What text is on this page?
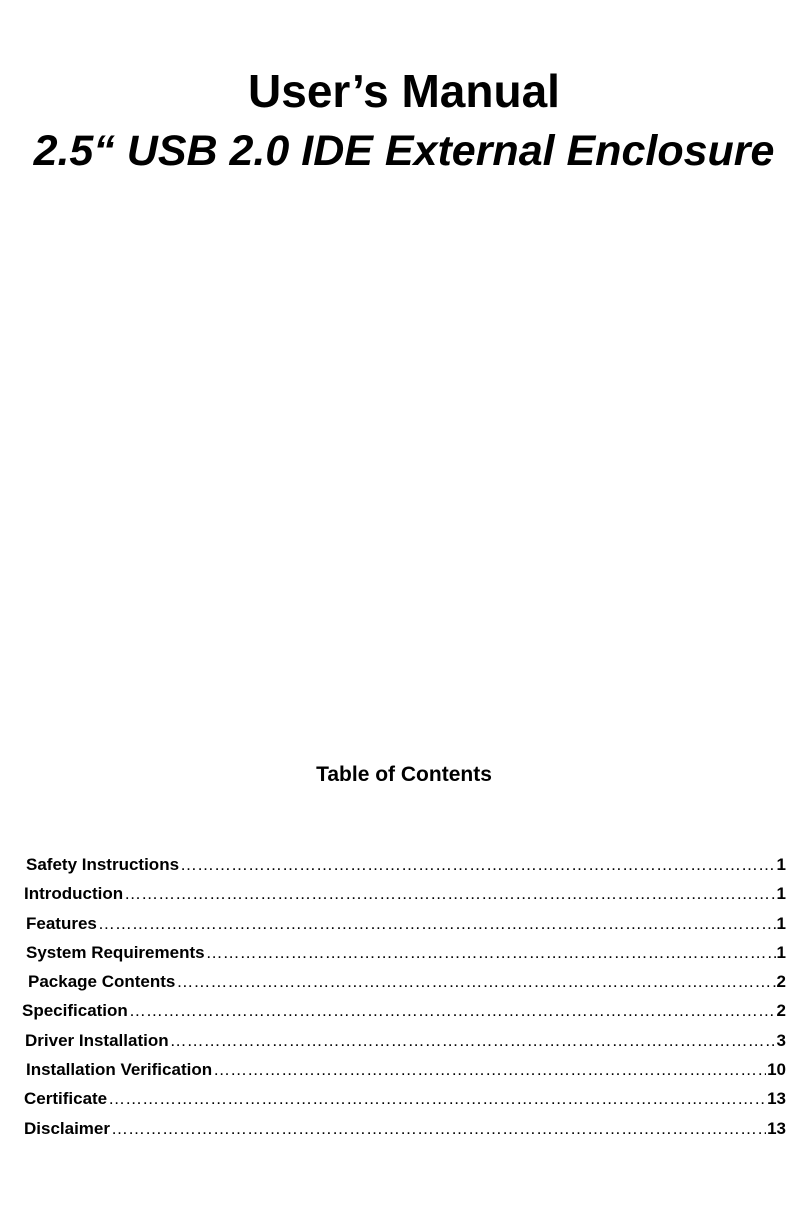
User’s Manual
2.5“ USB 2.0 IDE External Enclosure
Table of Contents
Safety Instructions ………………………………………………………………………………………………………………………………………………………………	1
Introduction ………………………………………………………………………………………………………………………………………………………………	1
Features ………………………………………………………………………………………………………………………………………………………………	1
System Requirements ………………………………………………………………………………………………………………………………………………………………	1
Package Contents ………………………………………………………………………………………………………………………………………………………………	2
Specification ………………………………………………………………………………………………………………………………………………………………	2
Driver Installation ………………………………………………………………………………………………………………………………………………………………	3
Installation Verification ………………………………………………………………………………………………………………………………………………………………	10
Certificate ………………………………………………………………………………………………………………………………………………………………	13
Disclaimer ………………………………………………………………………………………………………………………………………………………………	13
